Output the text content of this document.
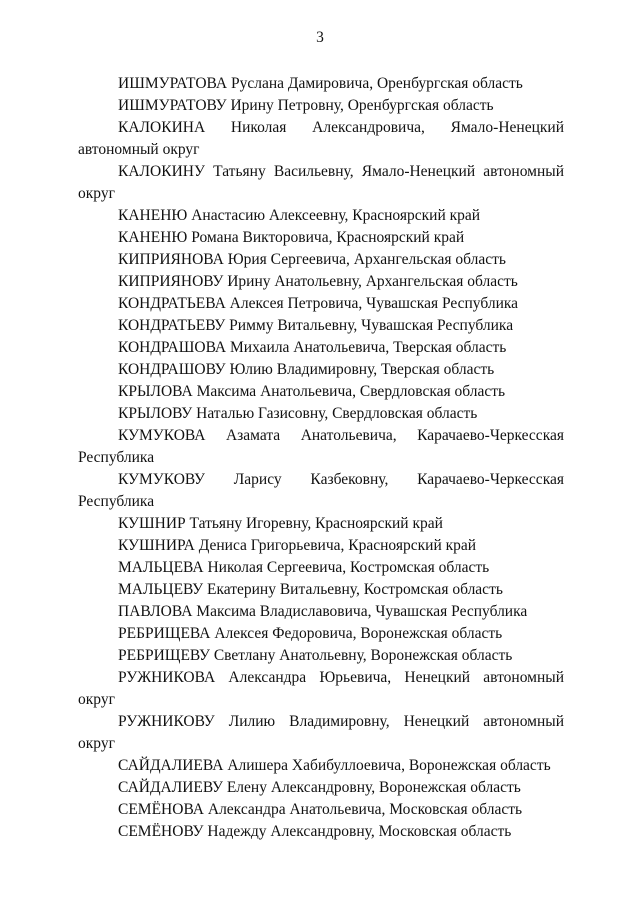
3

ИШМУРАТОВА Руслана Дамировича, Оренбургская область

ИШМУРАТОВУ Ирину Петровну, Оренбургская область

КАЛОКИНА Николая Александровича, Ямало-Ненецкий автономный округ

КАЛОКИНУ Татьяну Васильевну, Ямало-Ненецкий автономный округ

КАНЕНЮ Анастасию Алексеевну, Красноярский край

КАНЕНЮ Романа Викторовича, Красноярский край

КИПРИЯНОВА Юрия Сергеевича, Архангельская область

КИПРИЯНОВУ Ирину Анатольевну, Архангельская область

КОНДРАТЬЕВА Алексея Петровича, Чувашская Республика

КОНДРАТЬЕВУ Римму Витальевну, Чувашская Республика

КОНДРАШОВА Михаила Анатольевича, Тверская область

КОНДРАШОВУ Юлию Владимировну, Тверская область

КРЫЛОВА Максима Анатольевича, Свердловская область

КРЫЛОВУ Наталью Газисовну, Свердловская область

КУМУКОВА Азамата Анатольевича, Карачаево-Черкесская Республика

КУМУКОВУ Ларису Казбековну, Карачаево-Черкесская Республика

КУШНИР Татьяну Игоревну, Красноярский край

КУШНИРА Дениса Григорьевича, Красноярский край

МАЛЬЦЕВА Николая Сергеевича, Костромская область

МАЛЬЦЕВУ Екатерину Витальевну, Костромская область

ПАВЛОВА Максима Владиславовича, Чувашская Республика

РЕБРИЩЕВА Алексея Федоровича, Воронежская область

РЕБРИЩЕВУ Светлану Анатольевну, Воронежская область

РУЖНИКОВА Александра Юрьевича, Ненецкий автономный округ

РУЖНИКОВУ Лилию Владимировну, Ненецкий автономный округ

САЙДАЛИЕВА Алишера Хабибуллоевича, Воронежская область

САЙДАЛИЕВУ Елену Александровну, Воронежская область

СЕМЁНОВА Александра Анатольевича, Московская область

СЕМЁНОВУ Надежду Александровну, Московская область
